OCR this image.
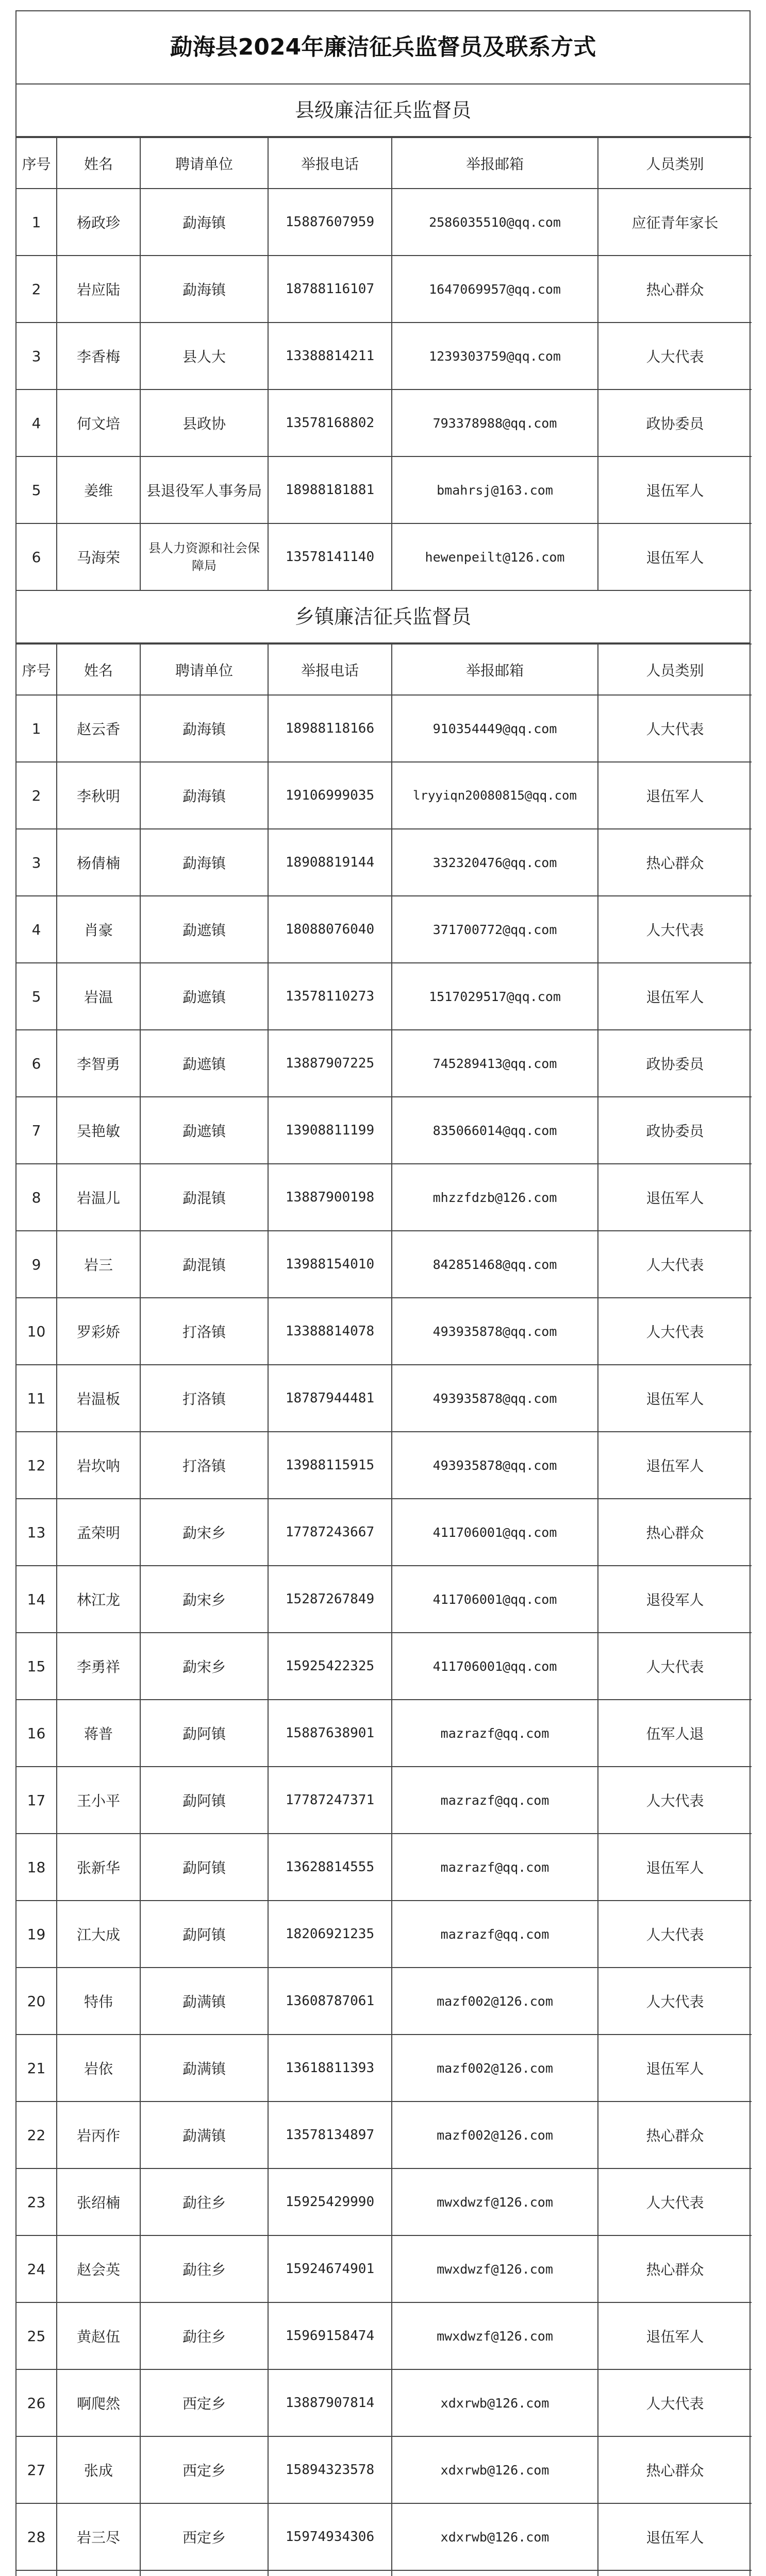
勐海县2024年廉洁征兵监督员及联系方式
县级廉洁征兵监督员
序号	姓名	聘请单位	举报电话	举报邮箱	人员类别
1	杨政珍	勐海镇	15887607959	2586035510@qq.com	应征青年家长
2	岩应陆	勐海镇	18788116107	1647069957@qq.com	热心群众
3	李香梅	县人大	13388814211	1239303759@qq.com	人大代表
4	何文培	县政协	13578168802	793378988@qq.com	政协委员
5	姜维	县退役军人事务局	18988181881	bmahrsj@163.com	退伍军人
6	马海荣	县人力资源和社会保障局	13578141140	hewenpeilt@126.com	退伍军人
乡镇廉洁征兵监督员
序号	姓名	聘请单位	举报电话	举报邮箱	人员类别
1	赵云香	勐海镇	18988118166	910354449@qq.com	人大代表
2	李秋明	勐海镇	19106999035	lryyiqn20080815@qq.com	退伍军人
3	杨倩楠	勐海镇	18908819144	332320476@qq.com	热心群众
4	肖豪	勐遮镇	18088076040	371700772@qq.com	人大代表
5	岩温	勐遮镇	13578110273	1517029517@qq.com	退伍军人
6	李智勇	勐遮镇	13887907225	745289413@qq.com	政协委员
7	吴艳敏	勐遮镇	13908811199	835066014@qq.com	政协委员
8	岩温儿	勐混镇	13887900198	mhzzfdzb@126.com	退伍军人
9	岩三	勐混镇	13988154010	842851468@qq.com	人大代表
10	罗彩娇	打洛镇	13388814078	493935878@qq.com	人大代表
11	岩温板	打洛镇	18787944481	493935878@qq.com	退伍军人
12	岩坎呐	打洛镇	13988115915	493935878@qq.com	退伍军人
13	孟荣明	勐宋乡	17787243667	411706001@qq.com	热心群众
14	林江龙	勐宋乡	15287267849	411706001@qq.com	退役军人
15	李勇祥	勐宋乡	15925422325	411706001@qq.com	人大代表
16	蒋普	勐阿镇	15887638901	mazrazf@qq.com	伍军人退
17	王小平	勐阿镇	17787247371	mazrazf@qq.com	人大代表
18	张新华	勐阿镇	13628814555	mazrazf@qq.com	退伍军人
19	江大成	勐阿镇	18206921235	mazrazf@qq.com	人大代表
20	特伟	勐满镇	13608787061	mazf002@126.com	人大代表
21	岩依	勐满镇	13618811393	mazf002@126.com	退伍军人
22	岩丙作	勐满镇	13578134897	mazf002@126.com	热心群众
23	张绍楠	勐往乡	15925429990	mwxdwzf@126.com	人大代表
24	赵会英	勐往乡	15924674901	mwxdwzf@126.com	热心群众
25	黄赵伍	勐往乡	15969158474	mwxdwzf@126.com	退伍军人
26	啊爬然	西定乡	13887907814	xdxrwb@126.com	人大代表
27	张成	西定乡	15894323578	xdxrwb@126.com	热心群众
28	岩三尽	西定乡	15974934306	xdxrwb@126.com	退伍军人
